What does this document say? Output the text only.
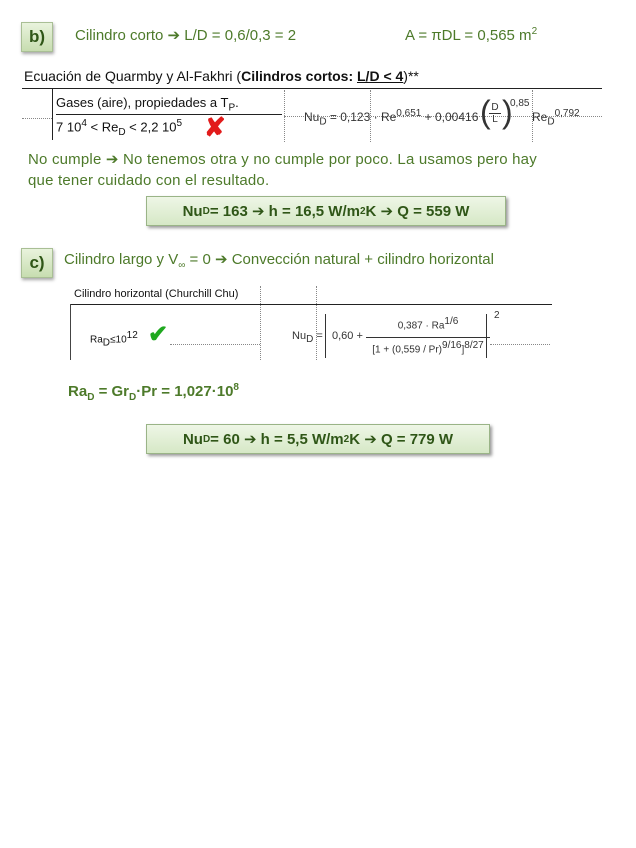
b) Cilindro corto ➔ L/D = 0,6/0,3 = 2	A = πDL = 0,565 $m^2$
Ecuación de Quarmby y Al-Fakhri (Cilindros cortos: L/D < 4)**
Gases (aire), propiedades a $T_P$.
7 $10^4 < Re_D < 2,2$ $10^5$ ✘	$Nu_D = 0,123 \cdot Re^{0,651} + 0,00416$ ( D
L )
0,85
$Re_D^{0,792}$
No cumple ➔ No tenemos otra y no cumple por poco. La usamos pero hay
que tener cuidado con el resultado.
Nu D = 163 ➔ h = 16,5 W/m 2 K ➔ Q = 559 W
c) Cilindro largo y $V_\infty = 0$ ➔ Convección natural + cilindro horizontal
Cilindro horizontal (Churchill Chu)
$Ra_D\le 10^{12}$ ✔	$Nu_D = 0,60$ +
$0,387 \cdot Ra^{1/6}$
$[1 + (0,559 / Pr)^{9/16}]^{8/27}$
2
$Ra_D = Gr_D\cdot Pr = 1,027\cdot 10^8$
Nu D = 60 ➔ h = 5,5 W/m 2 K ➔ Q = 779 W
